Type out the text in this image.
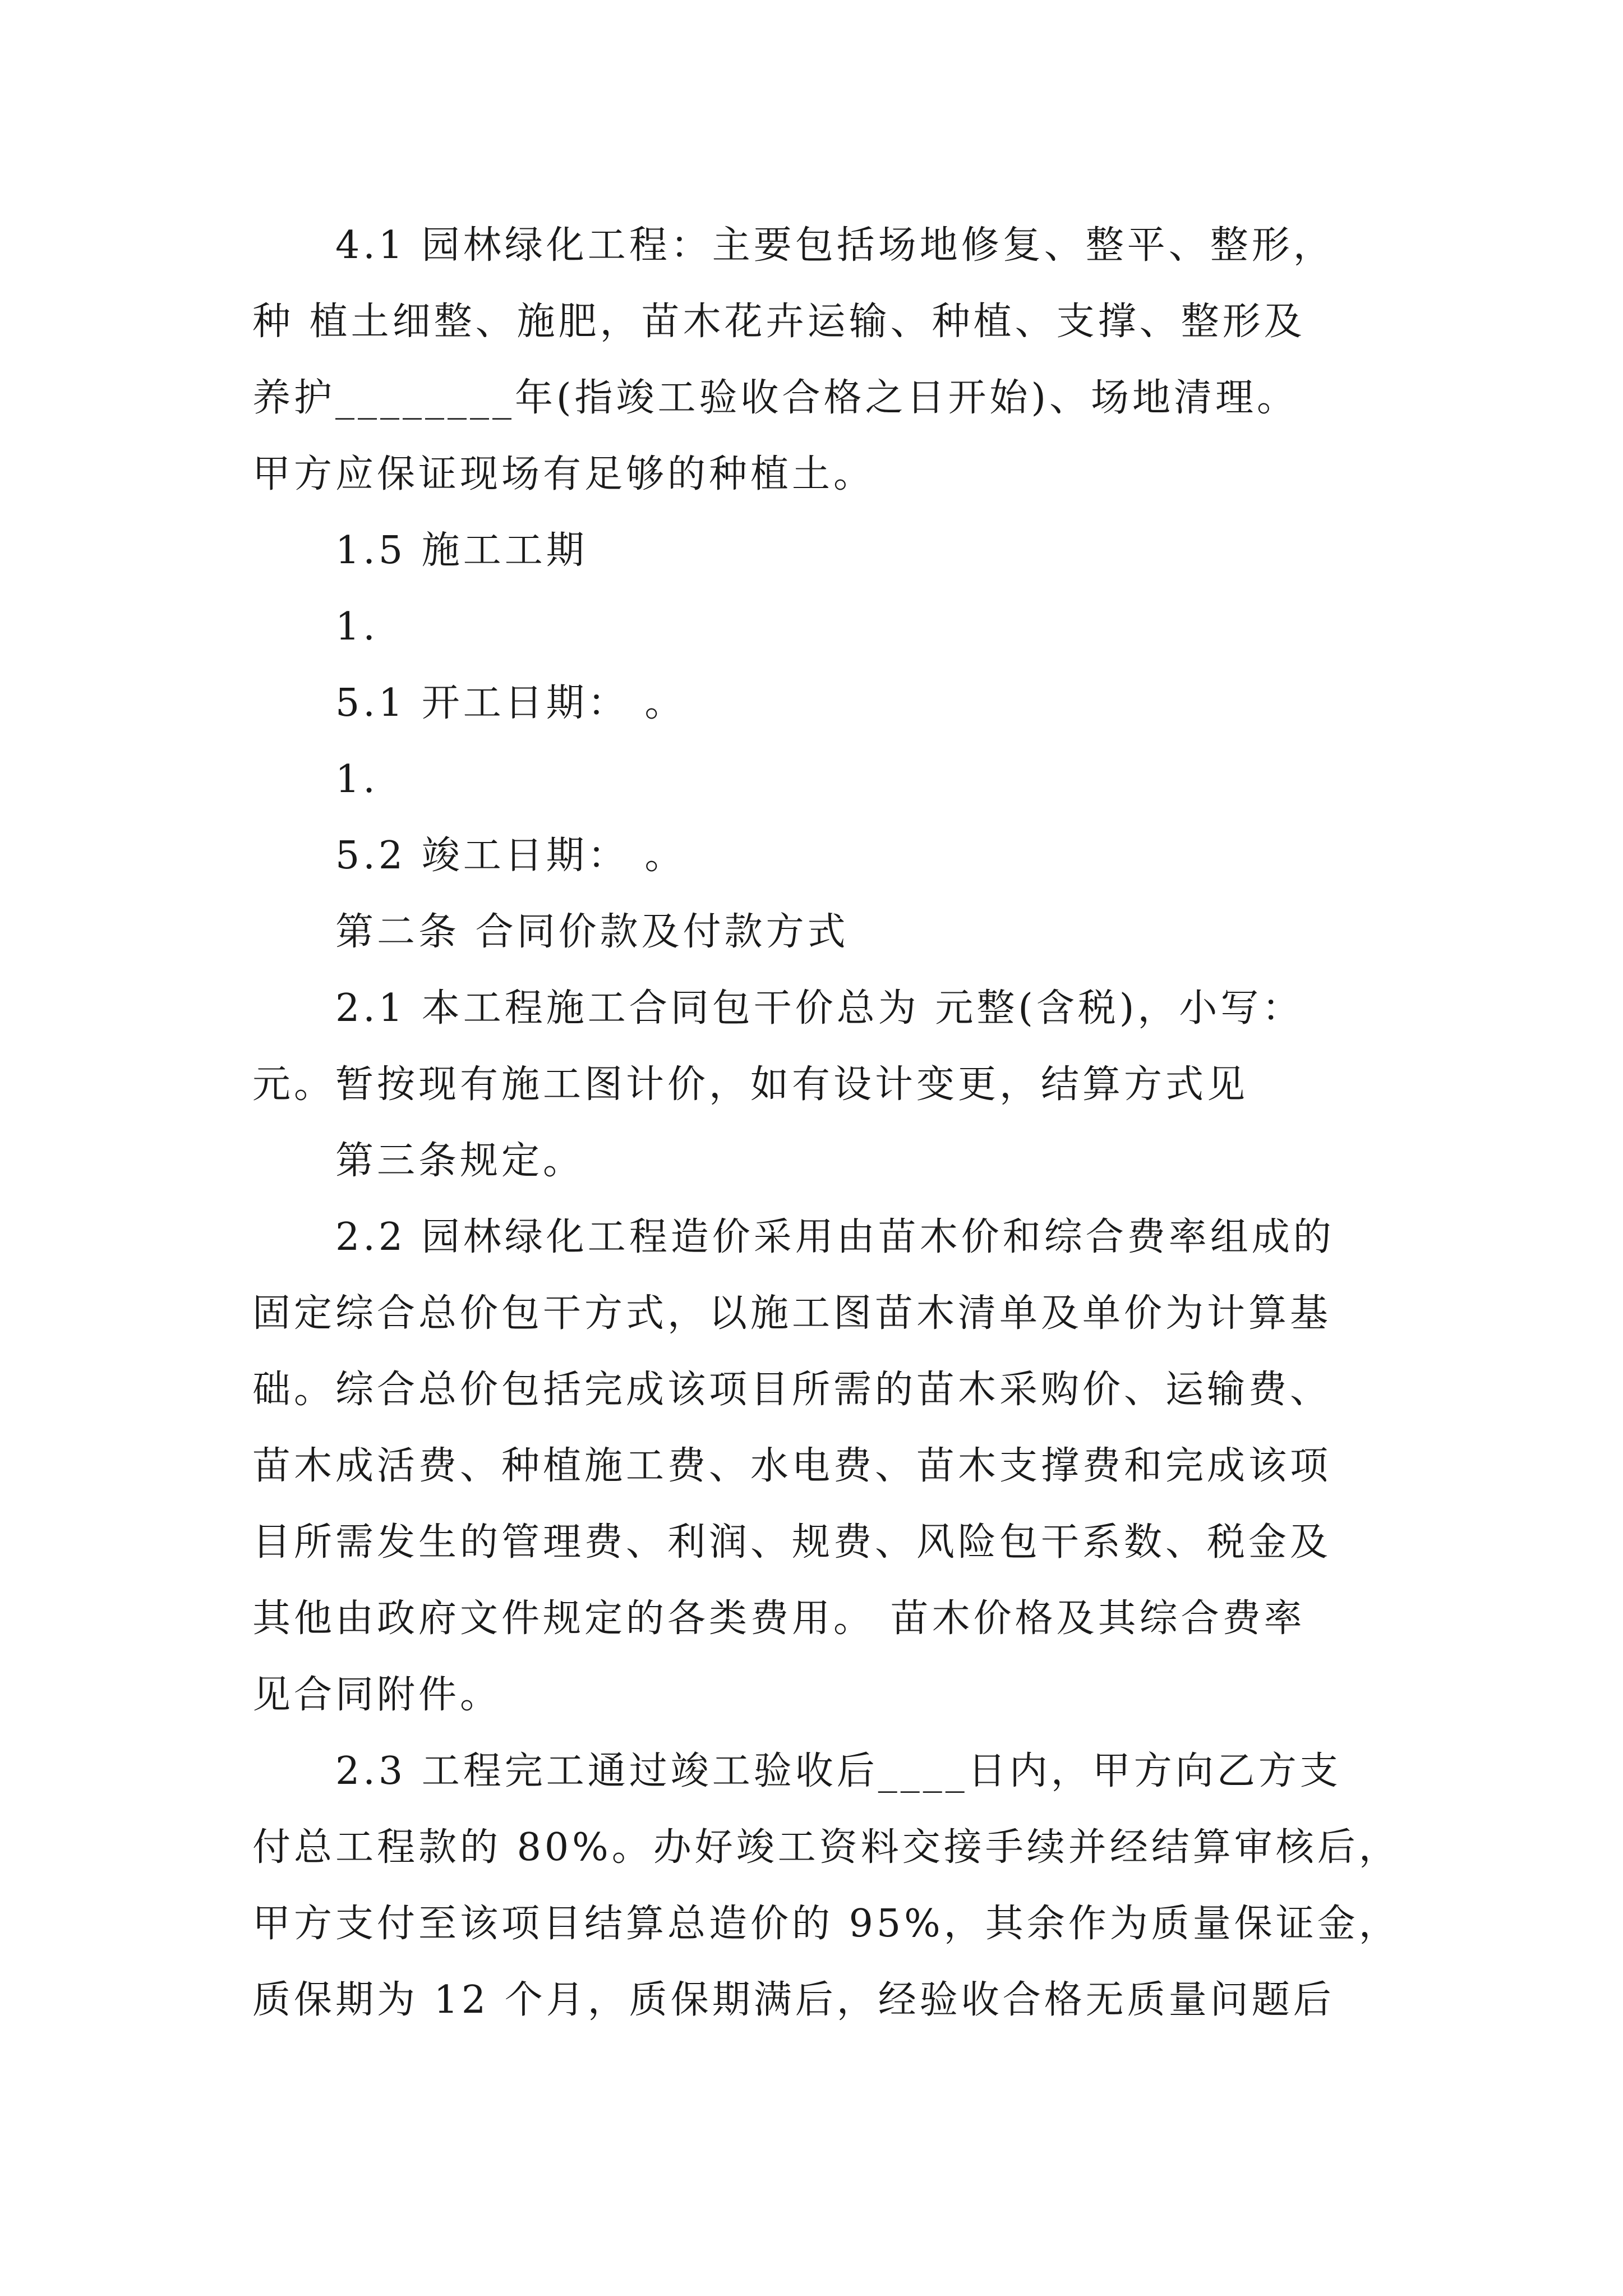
4.1 园林绿化工程：主要包括场地修复、整平、整形，
种 植土细整、施肥，苗木花卉运输、种植、支撑、整形及
养护________年(指竣工验收合格之日开始)、场地清理。
甲方应保证现场有足够的种植土。
1.5 施工工期
1.
5.1 开工日期： 。
1.
5.2 竣工日期： 。
第二条 合同价款及付款方式
2.1 本工程施工合同包干价总为 元整(含税)，小写：
元。暂按现有施工图计价，如有设计变更，结算方式见
第三条规定。
2.2 园林绿化工程造价采用由苗木价和综合费率组成的
固定综合总价包干方式，以施工图苗木清单及单价为计算基
础。综合总价包括完成该项目所需的苗木采购价、运输费、
苗木成活费、种植施工费、水电费、苗木支撑费和完成该项
目所需发生的管理费、利润、规费、风险包干系数、税金及
其他由政府文件规定的各类费用。 苗木价格及其综合费率
见合同附件。
2.3 工程完工通过竣工验收后____日内，甲方向乙方支
付总工程款的 80%。办好竣工资料交接手续并经结算审核后，
甲方支付至该项目结算总造价的 95%，其余作为质量保证金，
质保期为 12 个月，质保期满后，经验收合格无质量问题后
